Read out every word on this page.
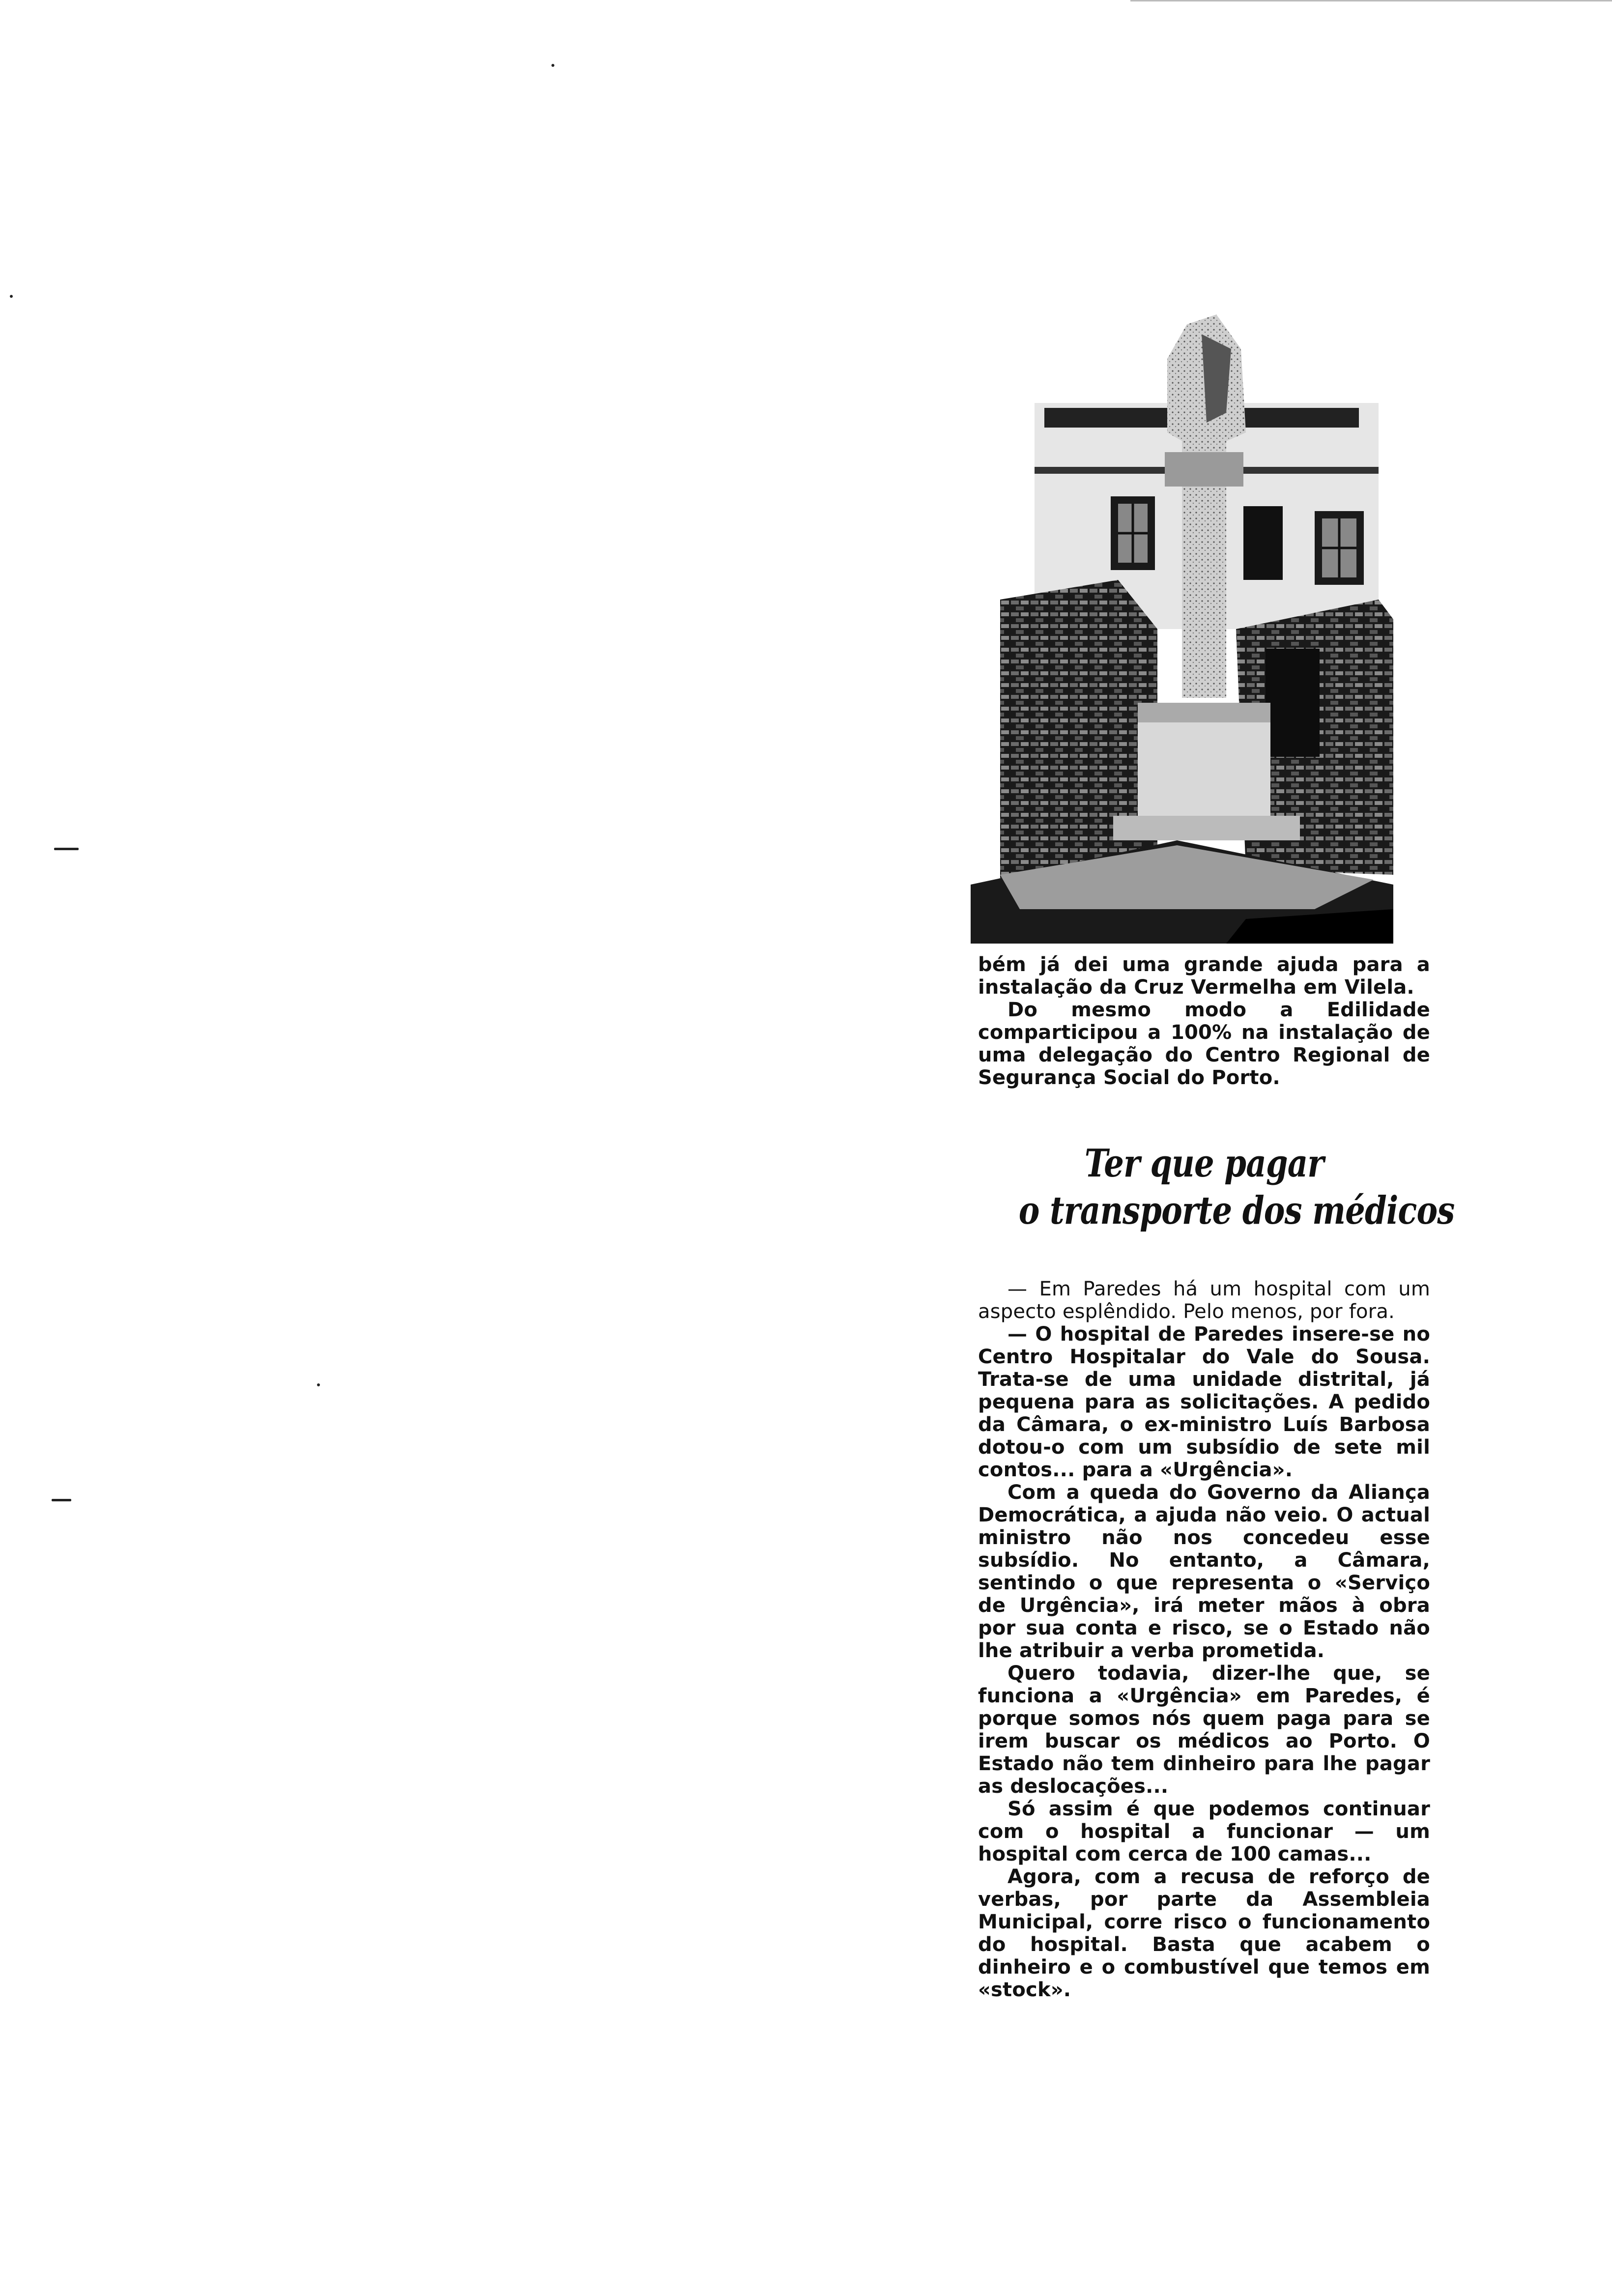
bém já dei uma grande ajuda para a instalação da Cruz Vermelha em Vilela.

Do mesmo modo a Edilidade comparticipou a 100% na instalação de uma delegação do Centro Regional de Segurança Social do Porto.

Ter que pagar
o transporte dos médicos

— Em Paredes há um hospital com um aspecto esplêndido. Pelo menos, por fora.

— O hospital de Paredes insere-se no Centro Hospitalar do Vale do Sousa. Trata-se de uma unidade distrital, já pequena para as solicitações. A pedido da Câmara, o ex-ministro Luís Barbosa dotou-o com um subsídio de sete mil contos... para a «Urgência».

Com a queda do Governo da Aliança Democrática, a ajuda não veio. O actual ministro não nos concedeu esse subsídio. No entanto, a Câmara, sentindo o que representa o «Serviço de Urgência», irá meter mãos à obra por sua conta e risco, se o Estado não lhe atribuir a verba prometida.

Quero todavia, dizer-lhe que, se funciona a «Urgência» em Paredes, é porque somos nós quem paga para se irem buscar os médicos ao Porto. O Estado não tem dinheiro para lhe pagar as deslocações...

Só assim é que podemos continuar com o hospital a funcionar — um hospital com cerca de 100 camas...

Agora, com a recusa de reforço de verbas, por parte da Assembleia Municipal, corre risco o funcionamento do hospital. Basta que acabem o dinheiro e o combustível que temos em «stock».
